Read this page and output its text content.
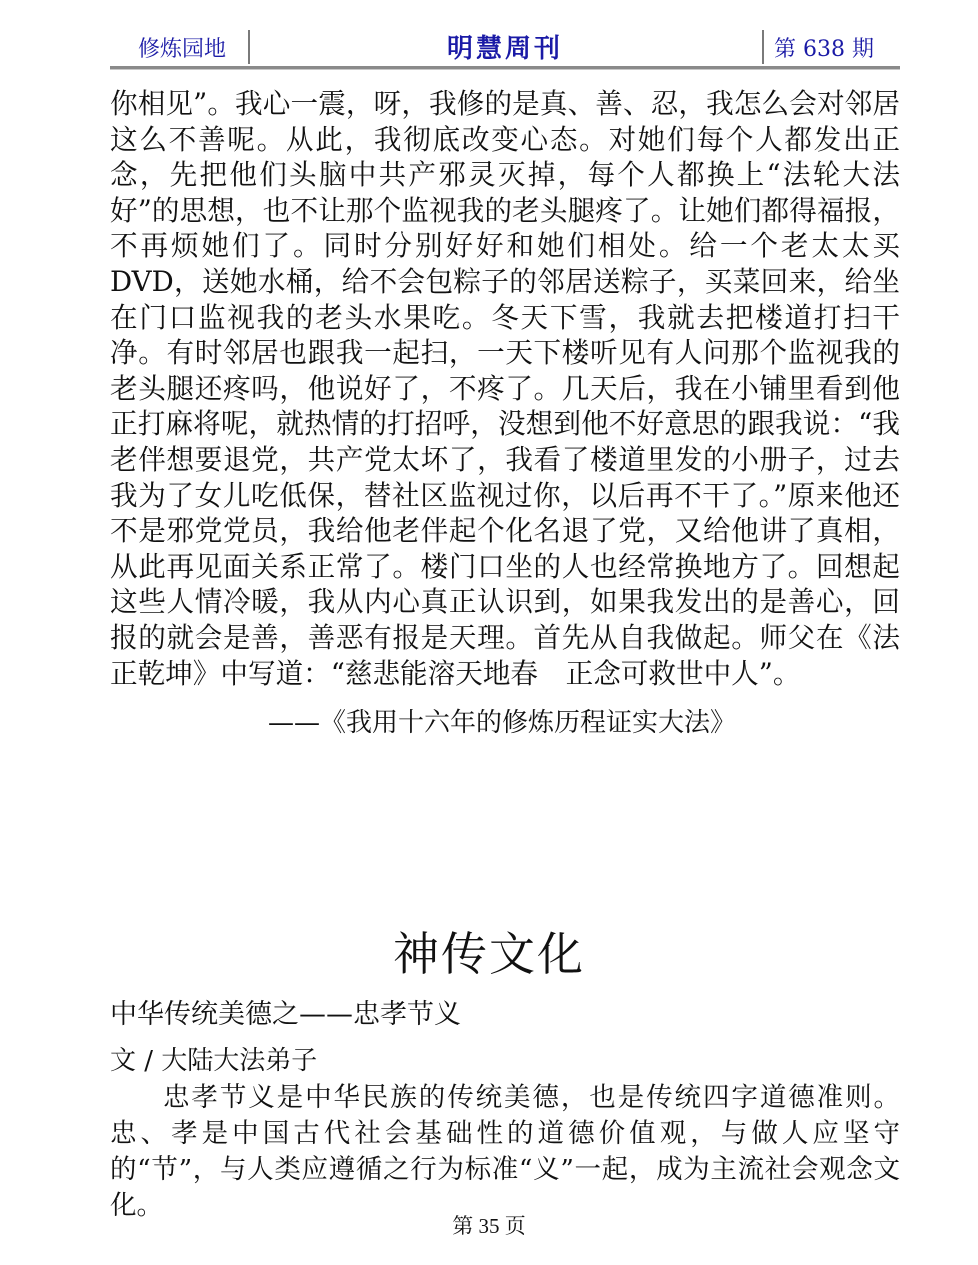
修炼园地	明慧周刊	第 638 期

你相见”。我心一震，呀，我修的是真、善、忍，我怎么会对邻居这么不善呢。从此，我彻底改变心态。对她们每个人都发出正念，先把他们头脑中共产邪灵灭掉，每个人都换上“法轮大法好”的思想，也不让那个监视我的老头腿疼了。让她们都得福报，不再烦她们了。同时分别好好和她们相处。给一个老太太买DVD，送她水桶，给不会包粽子的邻居送粽子，买菜回来，给坐在门口监视我的老头水果吃。冬天下雪，我就去把楼道打扫干净。有时邻居也跟我一起扫，一天下楼听见有人问那个监视我的老头腿还疼吗，他说好了，不疼了。几天后，我在小铺里看到他正打麻将呢，就热情的打招呼，没想到他不好意思的跟我说：“我老伴想要退党，共产党太坏了，我看了楼道里发的小册子，过去我为了女儿吃低保，替社区监视过你，以后再不干了。”原来他还不是邪党党员，我给他老伴起个化名退了党，又给他讲了真相，从此再见面关系正常了。楼门口坐的人也经常换地方了。回想起这些人情冷暖，我从内心真正认识到，如果我发出的是善心，回报的就会是善，善恶有报是天理。首先从自我做起。师父在《法正乾坤》中写道：“慈悲能溶天地春　正念可救世中人”。

——《我用十六年的修炼历程证实大法》
神传文化
中华传统美德之——忠孝节义
文 / 大陆大法弟子
忠孝节义是中华民族的传统美德，也是传统四字道德准则。忠、孝是中国古代社会基础性的道德价值观，与做人应坚守的“节”，与人类应遵循之行为标准“义”一起，成为主流社会观念文化。
第 35 页
